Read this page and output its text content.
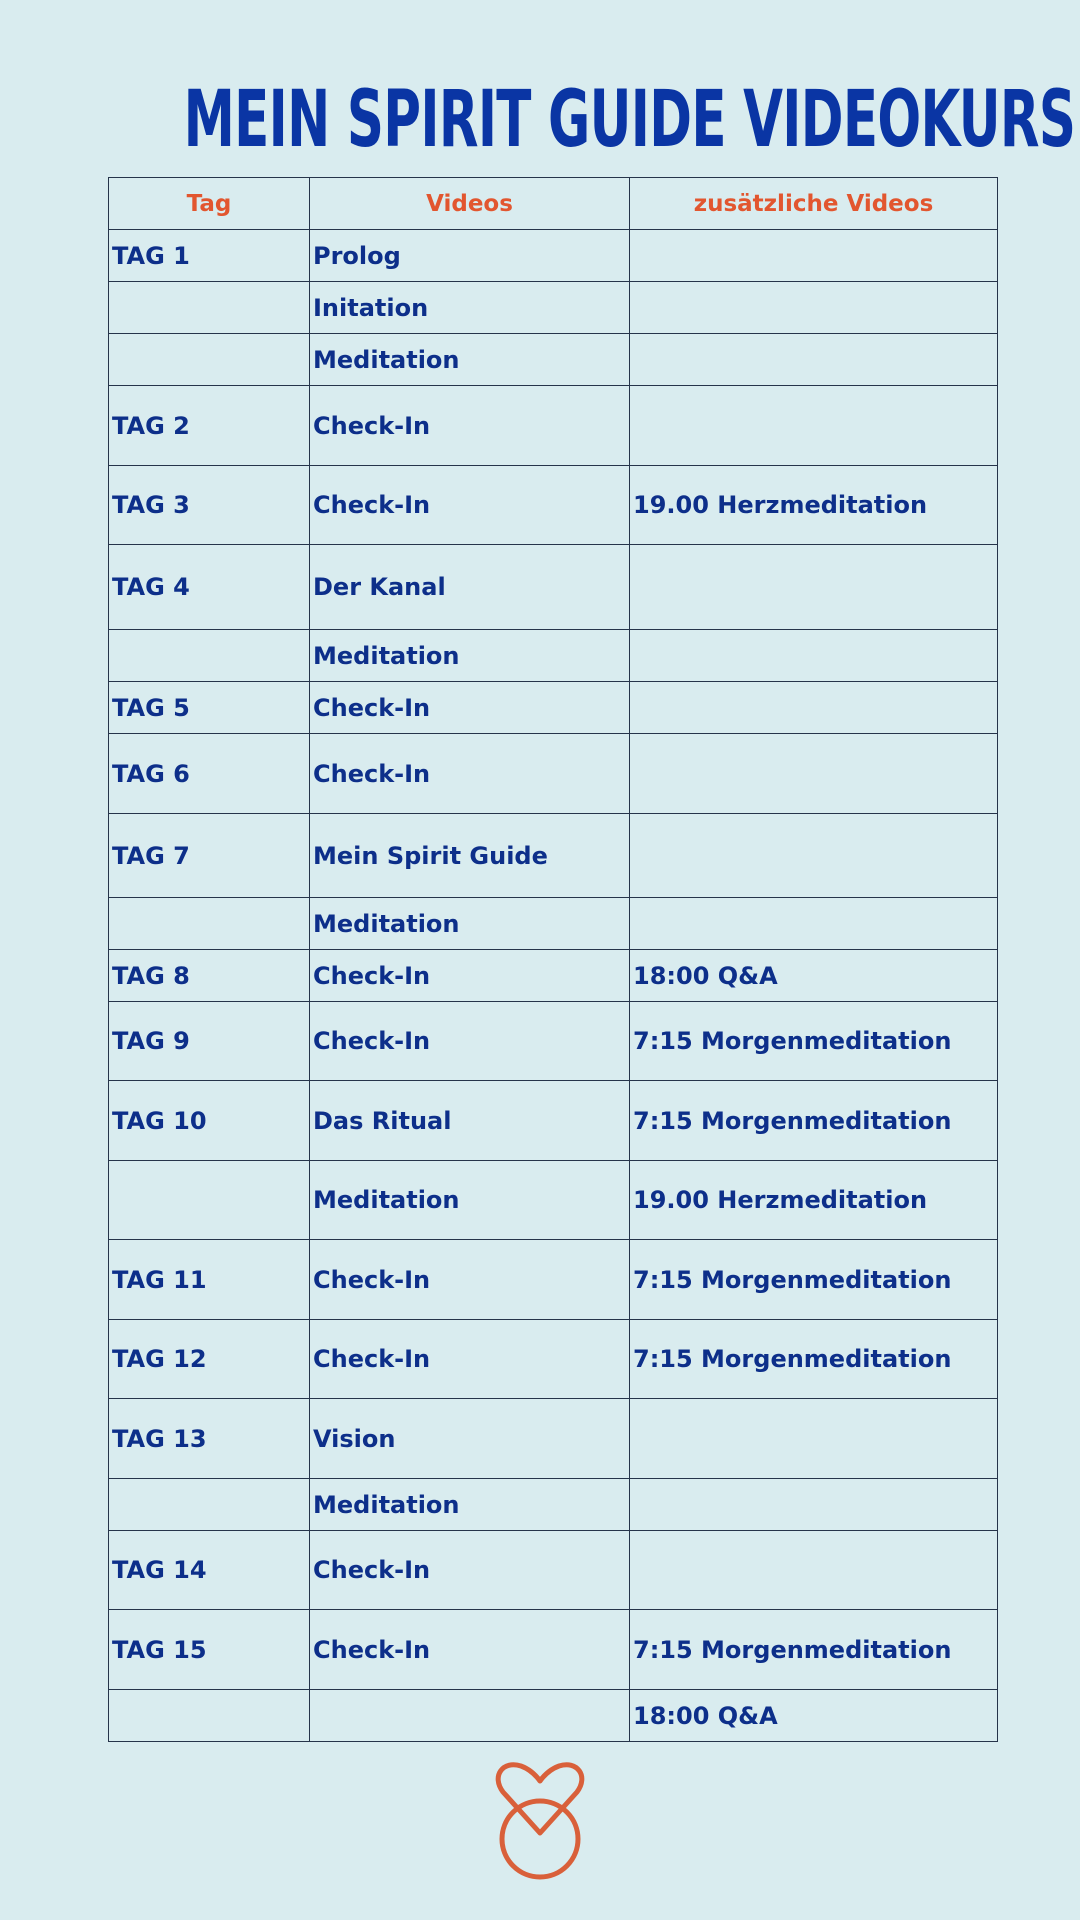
MEIN SPIRIT GUIDE VIDEOKURS
Tag	Videos	zusätzliche Videos
TAG 1	Prolog	
	Initation	
	Meditation	
TAG 2	Check-In	
TAG 3	Check-In	19.00 Herzmeditation
TAG 4	Der Kanal	
	Meditation	
TAG 5	Check-In	
TAG 6	Check-In	
TAG 7	Mein Spirit Guide	
	Meditation	
TAG 8	Check-In	18:00 Q&A
TAG 9	Check-In	7:15 Morgenmeditation
TAG 10	Das Ritual	7:15 Morgenmeditation
	Meditation	19.00 Herzmeditation
TAG 11	Check-In	7:15 Morgenmeditation
TAG 12	Check-In	7:15 Morgenmeditation
TAG 13	Vision	
	Meditation	
TAG 14	Check-In	
TAG 15	Check-In	7:15 Morgenmeditation
		18:00 Q&A
